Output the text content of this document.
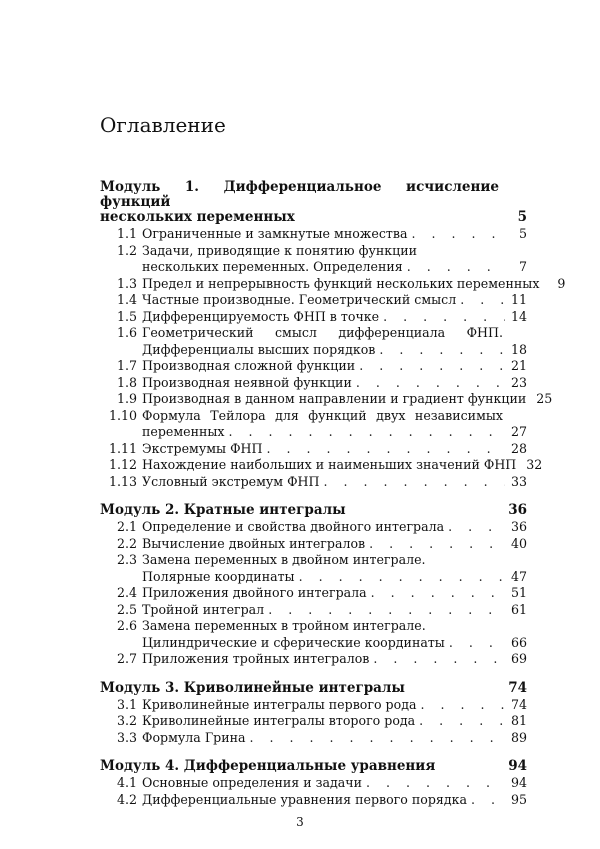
Оглавление
Модуль 1. Дифференциальное исчисление функций
нескольких переменных	5
1.1 Ограниченные и замкнутые множества . . .	5
1.2 Задачи, приводящие к понятию функции
нескольких переменных. Определения . . .	7
1.3 Предел и непрерывность функций нескольких переменных	9
1.4 Частные производные. Геометрический смысл . . .	11
1.5 Дифференцируемость ФНП в точке . . .	14
1.6 Геометрический смысл дифференциала ФНП.
Дифференциалы высших порядков . . .	18
1.7 Производная сложной функции . . .	21
1.8 Производная неявной функции . . .	23
1.9 Производная в данном направлении и градиент функции 25
1.10 Формула Тейлора для функций двух независимых
переменных . . .	27
1.11 Экстремумы ФНП . . .	28
1.12 Нахождение наибольших и наименьших значений ФНП 32
1.13 Условный экстремум ФНП . . .	33
Модуль 2. Кратные интегралы	36
2.1 Определение и свойства двойного интеграла . . .	36
2.2 Вычисление двойных интегралов . . .	40
2.3 Замена переменных в двойном интеграле.
Полярные координаты . . .	47
2.4 Приложения двойного интеграла . . .	51
2.5 Тройной интеграл . . .	61
2.6 Замена переменных в тройном интеграле.
Цилиндрические и сферические координаты . . .	66
2.7 Приложения тройных интегралов . . .	69
Модуль 3. Криволинейные интегралы	74
3.1 Криволинейные интегралы первого рода . . .	74
3.2 Криволинейные интегралы второго рода . . .	81
3.3 Формула Грина . . .	89
Модуль 4. Дифференциальные уравнения	94
4.1 Основные определения и задачи . . .	94
4.2 Дифференциальные уравнения первого порядка . . .	95
3
